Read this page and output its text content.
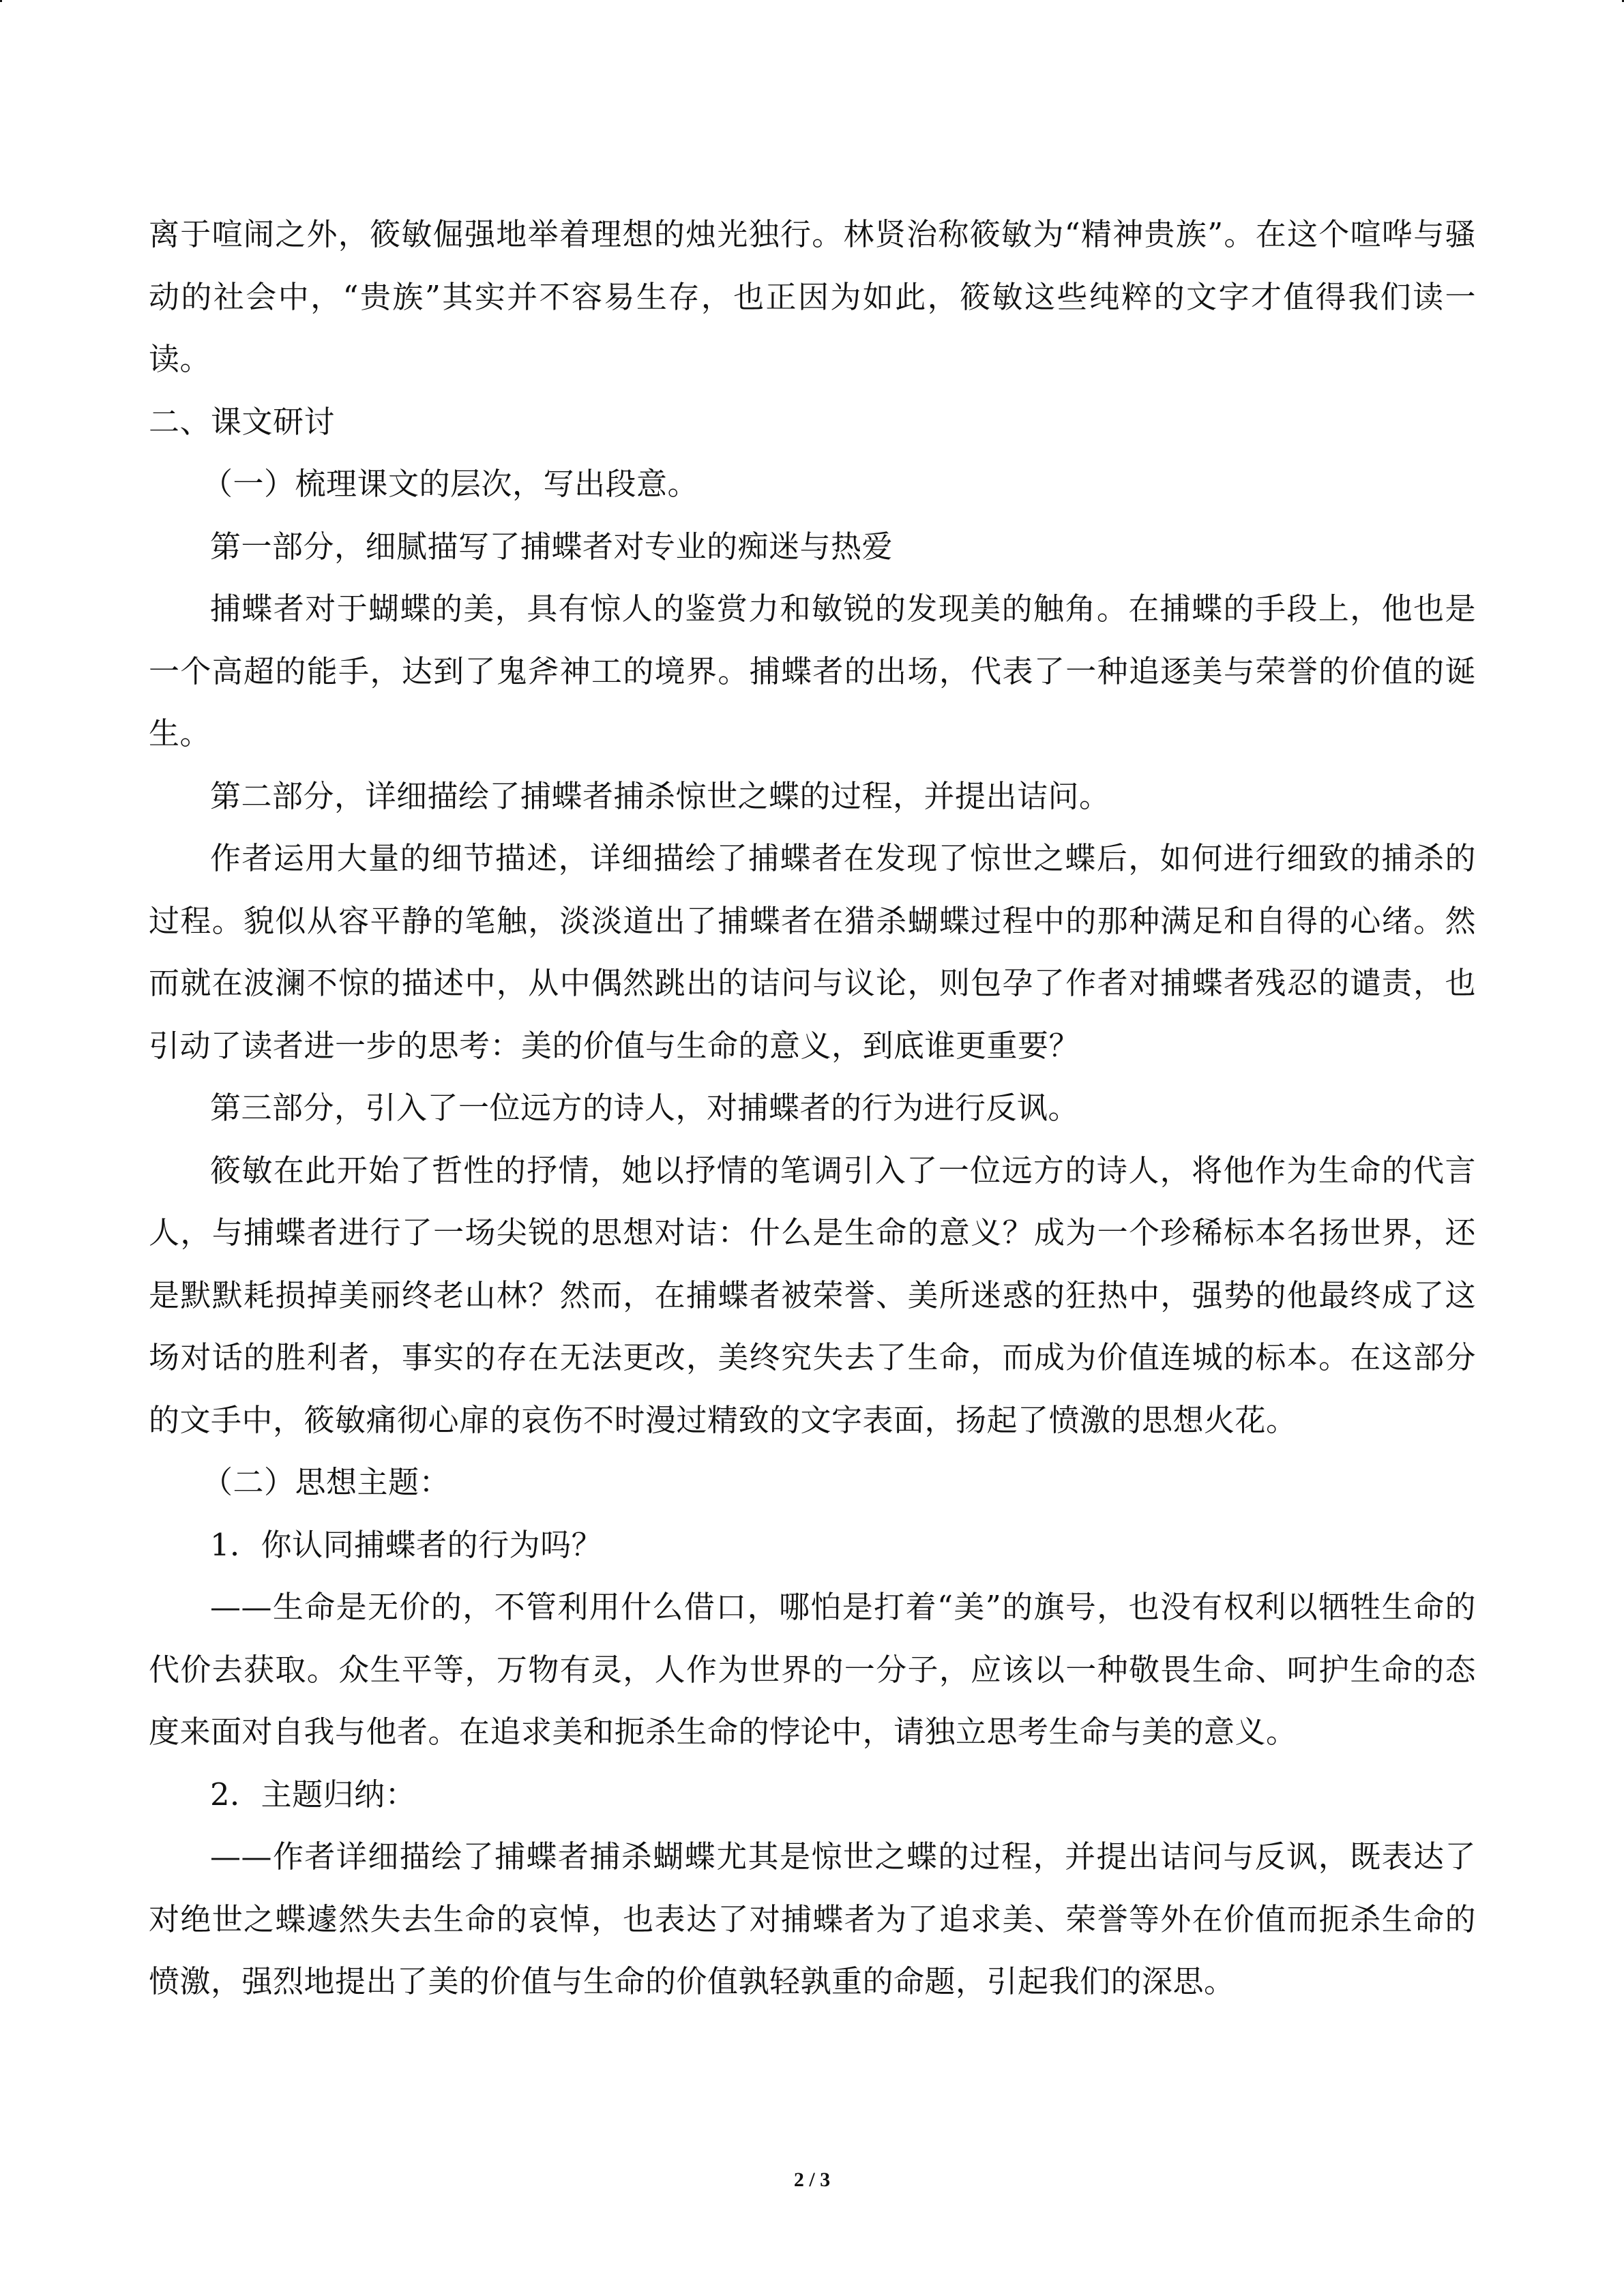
离于喧闹之外，筱敏倔强地举着理想的烛光独行。林贤治称筱敏为“精神贵族”。在这个喧哗与骚动的社会中，“贵族”其实并不容易生存，也正因为如此，筱敏这些纯粹的文字才值得我们读一读。

二、课文研讨

（一）梳理课文的层次，写出段意。

第一部分，细腻描写了捕蝶者对专业的痴迷与热爱

捕蝶者对于蝴蝶的美，具有惊人的鉴赏力和敏锐的发现美的触角。在捕蝶的手段上，他也是一个高超的能手，达到了鬼斧神工的境界。捕蝶者的出场，代表了一种追逐美与荣誉的价值的诞生。

第二部分，详细描绘了捕蝶者捕杀惊世之蝶的过程，并提出诘问。

作者运用大量的细节描述，详细描绘了捕蝶者在发现了惊世之蝶后，如何进行细致的捕杀的过程。貌似从容平静的笔触，淡淡道出了捕蝶者在猎杀蝴蝶过程中的那种满足和自得的心绪。然而就在波澜不惊的描述中，从中偶然跳出的诘问与议论，则包孕了作者对捕蝶者残忍的谴责，也引动了读者进一步的思考：美的价值与生命的意义，到底谁更重要？

第三部分，引入了一位远方的诗人，对捕蝶者的行为进行反讽。

筱敏在此开始了哲性的抒情，她以抒情的笔调引入了一位远方的诗人，将他作为生命的代言人，与捕蝶者进行了一场尖锐的思想对诘：什么是生命的意义？成为一个珍稀标本名扬世界，还是默默耗损掉美丽终老山林？然而，在捕蝶者被荣誉、美所迷惑的狂热中，强势的他最终成了这场对话的胜利者，事实的存在无法更改，美终究失去了生命，而成为价值连城的标本。在这部分的文手中，筱敏痛彻心扉的哀伤不时漫过精致的文字表面，扬起了愤激的思想火花。

（二）思想主题：

1．你认同捕蝶者的行为吗？

——生命是无价的，不管利用什么借口，哪怕是打着“美”的旗号，也没有权利以牺牲生命的代价去获取。众生平等，万物有灵，人作为世界的一分子，应该以一种敬畏生命、呵护生命的态度来面对自我与他者。在追求美和扼杀生命的悖论中，请独立思考生命与美的意义。

2．主题归纳：

——作者详细描绘了捕蝶者捕杀蝴蝶尤其是惊世之蝶的过程，并提出诘问与反讽，既表达了对绝世之蝶遽然失去生命的哀悼，也表达了对捕蝶者为了追求美、荣誉等外在价值而扼杀生命的愤激，强烈地提出了美的价值与生命的价值孰轻孰重的命题，引起我们的深思。

2 / 3
